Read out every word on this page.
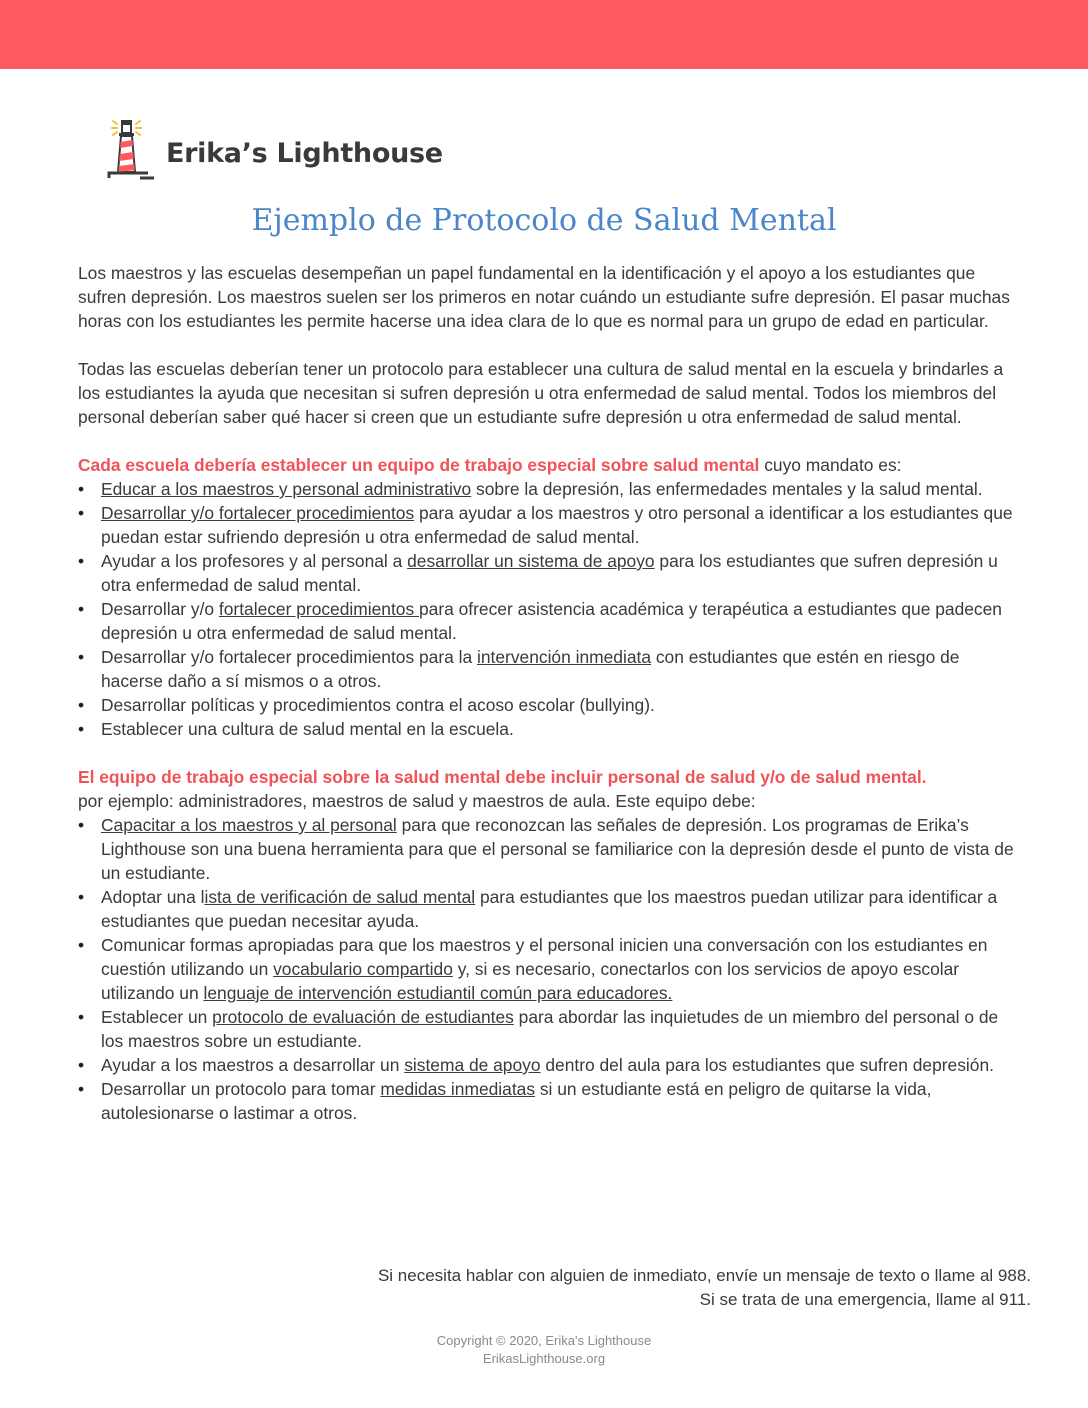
Erika’s Lighthouse
Ejemplo de Protocolo de Salud Mental

Los maestros y las escuelas desempeñan un papel fundamental en la identificación y el apoyo a los estudiantes que sufren depresión. Los maestros suelen ser los primeros en notar cuándo un estudiante sufre depresión. El pasar muchas horas con los estudiantes les permite hacerse una idea clara de lo que es normal para un grupo de edad en particular.

Todas las escuelas deberían tener un protocolo para establecer una cultura de salud mental en la escuela y brindarles a los estudiantes la ayuda que necesitan si sufren depresión u otra enfermedad de salud mental. Todos los miembros del personal deberían saber qué hacer si creen que un estudiante sufre depresión u otra enfermedad de salud mental.

Cada escuela debería establecer un equipo de trabajo especial sobre salud mental cuyo mandato es:

• Educar a los maestros y personal administrativo sobre la depresión, las enfermedades mentales y la salud mental.
• Desarrollar y/o fortalecer procedimientos para ayudar a los maestros y otro personal a identificar a los estudiantes que puedan estar sufriendo depresión u otra enfermedad de salud mental.
• Ayudar a los profesores y al personal a desarrollar un sistema de apoyo para los estudiantes que sufren depresión u otra enfermedad de salud mental.
• Desarrollar y/o fortalecer procedimientos para ofrecer asistencia académica y terapéutica a estudiantes que padecen depresión u otra enfermedad de salud mental.
• Desarrollar y/o fortalecer procedimientos para la intervención inmediata con estudiantes que estén en riesgo de hacerse daño a sí mismos o a otros.
• Desarrollar políticas y procedimientos contra el acoso escolar (bullying).
• Establecer una cultura de salud mental en la escuela.

El equipo de trabajo especial sobre la salud mental debe incluir personal de salud y/o de salud mental.

por ejemplo: administradores, maestros de salud y maestros de aula. Este equipo debe:

• Capacitar a los maestros y al personal para que reconozcan las señales de depresión. Los programas de Erika’s Lighthouse son una buena herramienta para que el personal se familiarice con la depresión desde el punto de vista de un estudiante.
• Adoptar una lista de verificación de salud mental para estudiantes que los maestros puedan utilizar para identificar a estudiantes que puedan necesitar ayuda.
• Comunicar formas apropiadas para que los maestros y el personal inicien una conversación con los estudiantes en cuestión utilizando un vocabulario compartido y, si es necesario, conectarlos con los servicios de apoyo escolar utilizando un lenguaje de intervención estudiantil común para educadores.
• Establecer un protocolo de evaluación de estudiantes para abordar las inquietudes de un miembro del personal o de los maestros sobre un estudiante.
• Ayudar a los maestros a desarrollar un sistema de apoyo dentro del aula para los estudiantes que sufren depresión.
• Desarrollar un protocolo para tomar medidas inmediatas si un estudiante está en peligro de quitarse la vida, autolesionarse o lastimar a otros.

Si necesita hablar con alguien de inmediato, envíe un mensaje de texto o llame al 988.

Si se trata de una emergencia, llame al 911.

Copyright © 2020, Erika's Lighthouse

ErikasLighthouse.org
